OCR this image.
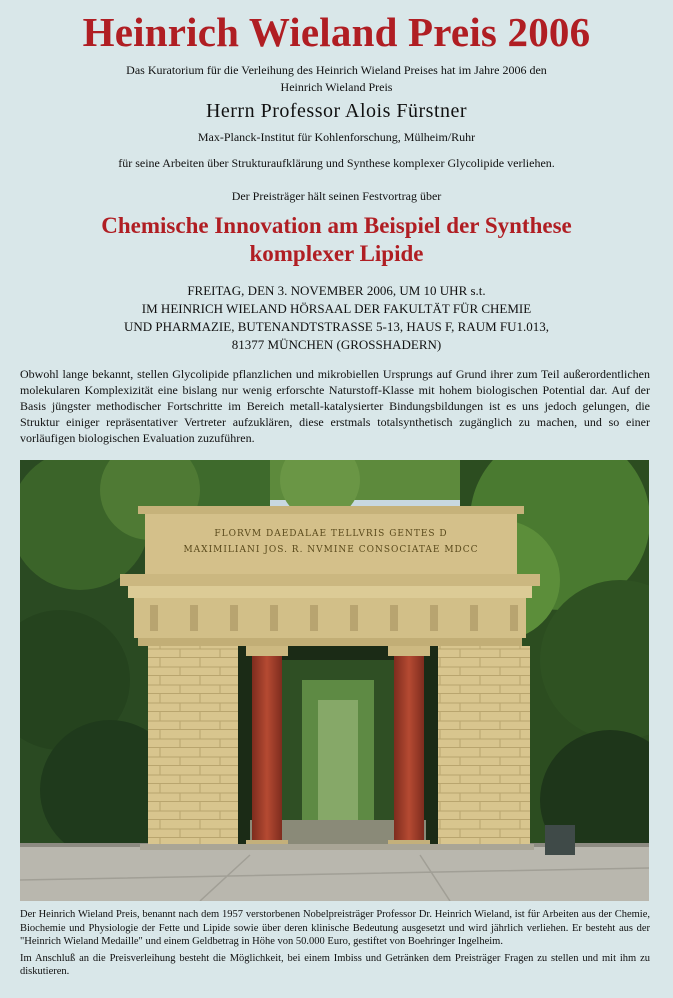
Heinrich Wieland Preis 2006
Das Kuratorium für die Verleihung des Heinrich Wieland Preises hat im Jahre 2006 den
Heinrich Wieland Preis
Herrn Professor Alois Fürstner
Max-Planck-Institut für Kohlenforschung, Mülheim/Ruhr
für seine Arbeiten über Strukturaufklärung und Synthese komplexer Glycolipide verliehen.
Der Preisträger hält seinen Festvortrag über
Chemische Innovation am Beispiel der Synthese
komplexer Lipide
FREITAG, DEN 3. NOVEMBER 2006, UM 10 UHR s.t.
IM HEINRICH WIELAND HÖRSAAL DER FAKULTÄT FÜR CHEMIE
UND PHARMAZIE, BUTENANDTSTRASSE 5-13, HAUS F, RAUM FU1.013,
81377 MÜNCHEN (GROSSHADERN)
Obwohl lange bekannt, stellen Glycolipide pflanzlichen und mikrobiellen Ursprungs auf Grund ihrer zum Teil außerordentlichen molekularen Komplexizität eine bislang nur wenig erforschte Naturstoff-Klasse mit hohem biologischen Potential dar. Auf der Basis jüngster methodischer Fortschritte im Bereich metall-katalysierter Bindungsbildungen ist es uns jedoch gelungen, die Struktur einiger repräsentativer Vertreter aufzuklären, diese erstmals totalsynthetisch zugänglich zu machen, und so einer vorläufigen biologischen Evaluation zuzuführen.
FLORVM DAEDALAE TELLVRIS GENTES D
MAXIMILIANI JOS. R. NVMINE CONSOCIATAE MDCC

Der Heinrich Wieland Preis, benannt nach dem 1957 verstorbenen Nobelpreisträger Professor Dr. Heinrich Wieland, ist für Arbeiten aus der Chemie, Biochemie und Physiologie der Fette und Lipide sowie über deren klinische Bedeutung ausgesetzt und wird jährlich verliehen. Er besteht aus der "Heinrich Wieland Medaille" und einem Geldbetrag in Höhe von 50.000 Euro, gestiftet von Boehringer Ingelheim.

Im Anschluß an die Preisverleihung besteht die Möglichkeit, bei einem Imbiss und Getränken dem Preisträger Fragen zu stellen und mit ihm zu diskutieren.
